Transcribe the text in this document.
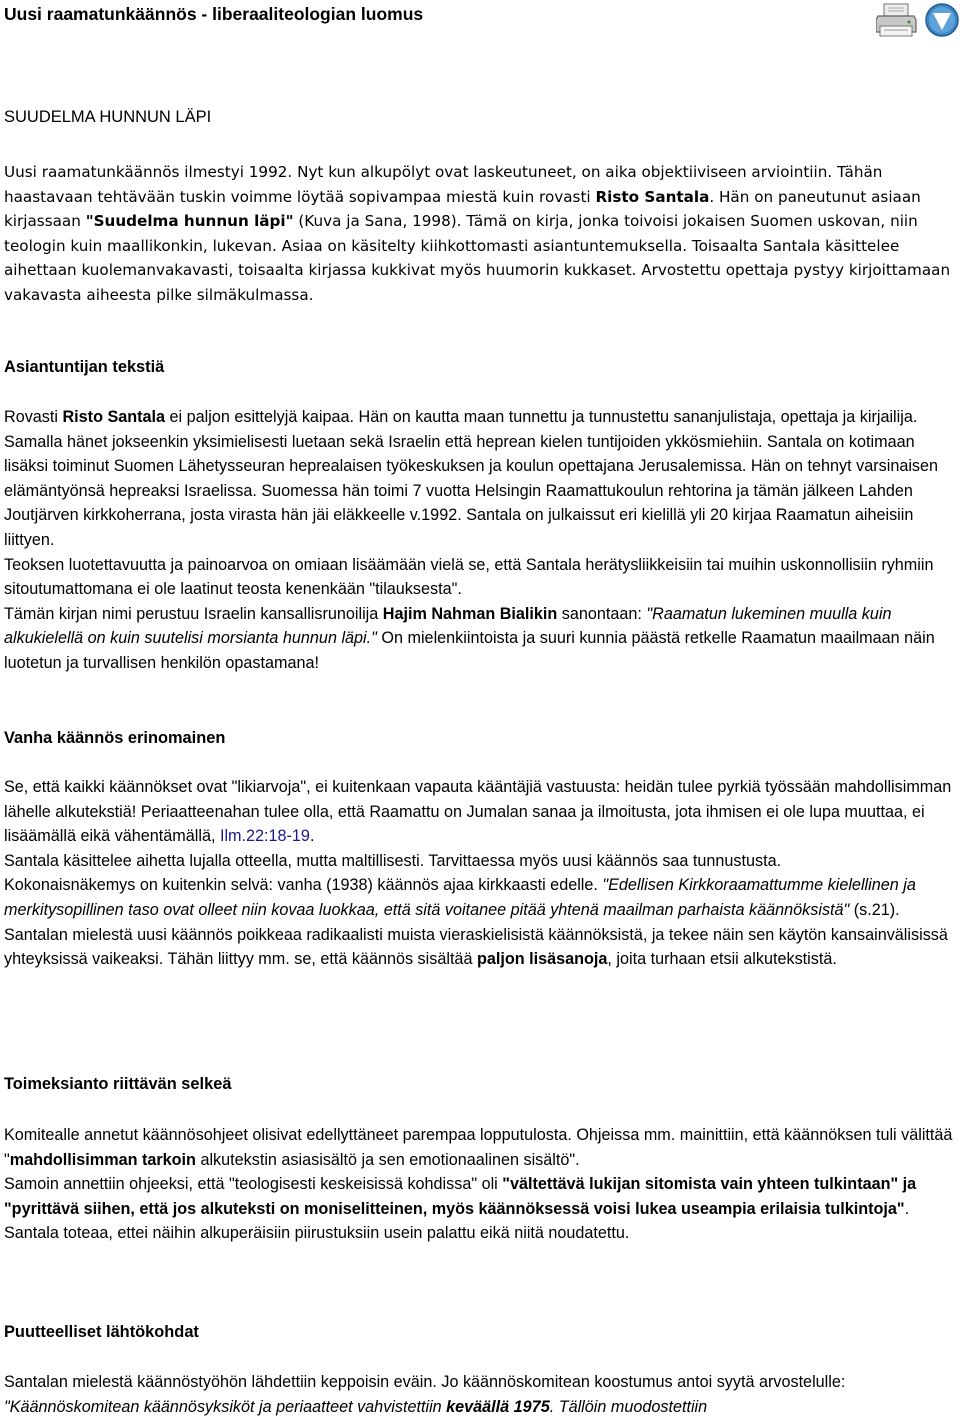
Uusi raamatunkäännös - liberaaliteologian luomus
SUUDELMA HUNNUN LÄPI

Uusi raamatunkäännös ilmestyi 1992. Nyt kun alkupölyt ovat laskeutuneet, on aika objektiiviseen arviointiin. Tähän haastavaan tehtävään tuskin voimme löytää sopivampaa miestä kuin rovasti Risto Santala. Hän on paneutunut asiaan kirjassaan "Suudelma hunnun läpi" (Kuva ja Sana, 1998). Tämä on kirja, jonka toivoisi jokaisen Suomen uskovan, niin teologin kuin maallikonkin, lukevan. Asiaa on käsitelty kiihkottomasti asiantuntemuksella. Toisaalta Santala käsittelee aihettaan kuolemanvakavasti, toisaalta kirjassa kukkivat myös huumorin kukkaset. Arvostettu opettaja pystyy kirjoittamaan vakavasta aiheesta pilke silmäkulmassa.

Asiantuntijan tekstiä
Rovasti Risto Santala ei paljon esittelyjä kaipaa. Hän on kautta maan tunnettu ja tunnustettu sananjulistaja, opettaja ja kirjailija. Samalla hänet jokseenkin yksimielisesti luetaan sekä Israelin että heprean kielen tuntijoiden ykkösmiehiin. Santala on kotimaan lisäksi toiminut Suomen Lähetysseuran heprealaisen työkeskuksen ja koulun opettajana Jerusalemissa. Hän on tehnyt varsinaisen elämäntyönsä hepreaksi Israelissa. Suomessa hän toimi 7 vuotta Helsingin Raamattukoulun rehtorina ja tämän jälkeen Lahden Joutjärven kirkkoherrana, josta virasta hän jäi eläkkeelle v.1992. Santala on julkaissut eri kielillä yli 20 kirjaa Raamatun aiheisiin liittyen.
Teoksen luotettavuutta ja painoarvoa on omiaan lisäämään vielä se, että Santala herätysliikkeisiin tai muihin uskonnollisiin ryhmiin sitoutumattomana ei ole laatinut teosta kenenkään "tilauksesta".
Tämän kirjan nimi perustuu Israelin kansallisrunoilija Hajim Nahman Bialikin sanontaan: "Raamatun lukeminen muulla kuin alkukielellä on kuin suutelisi morsianta hunnun läpi." On mielenkiintoista ja suuri kunnia päästä retkelle Raamatun maailmaan näin luotetun ja turvallisen henkilön opastamana!
Vanha käännös erinomainen
Se, että kaikki käännökset ovat "likiarvoja", ei kuitenkaan vapauta kääntäjiä vastuusta: heidän tulee pyrkiä työssään mahdollisimman lähelle alkutekstiä! Periaatteenahan tulee olla, että Raamattu on Jumalan sanaa ja ilmoitusta, jota ihmisen ei ole lupa muuttaa, ei lisäämällä eikä vähentämällä, Ilm.22:18-19.
Santala käsittelee aihetta lujalla otteella, mutta maltillisesti. Tarvittaessa myös uusi käännös saa tunnustusta.
Kokonaisnäkemys on kuitenkin selvä: vanha (1938) käännös ajaa kirkkaasti edelle. "Edellisen Kirkkoraamattumme kielellinen ja merkitysopillinen taso ovat olleet niin kovaa luokkaa, että sitä voitanee pitää yhtenä maailman parhaista käännöksistä" (s.21).
Santalan mielestä uusi käännös poikkeaa radikaalisti muista vieraskielisistä käännöksistä, ja tekee näin sen käytön kansainvälisissä yhteyksissä vaikeaksi. Tähän liittyy mm. se, että käännös sisältää paljon lisäsanoja, joita turhaan etsii alkutekstistä.
Toimeksianto riittävän selkeä
Komitealle annetut käännösohjeet olisivat edellyttäneet parempaa lopputulosta. Ohjeissa mm. mainittiin, että käännöksen tuli välittää "mahdollisimman tarkoin alkutekstin asiasisältö ja sen emotionaalinen sisältö".
Samoin annettiin ohjeeksi, että "teologisesti keskeisissä kohdissa" oli "vältettävä lukijan sitomista vain yhteen tulkintaan" ja "pyrittävä siihen, että jos alkuteksti on moniselitteinen, myös käännöksessä voisi lukea useampia erilaisia tulkintoja". Santala toteaa, ettei näihin alkuperäisiin piirustuksiin usein palattu eikä niitä noudatettu.
Puutteelliset lähtökohdat
Santalan mielestä käännöstyöhön lähdettiin keppoisin eväin. Jo käännöskomitean koostumus antoi syytä arvostelulle: "Käännöskomitean käännösyksiköt ja periaatteet vahvistettiin keväällä 1975. Tällöin muodostettiin
